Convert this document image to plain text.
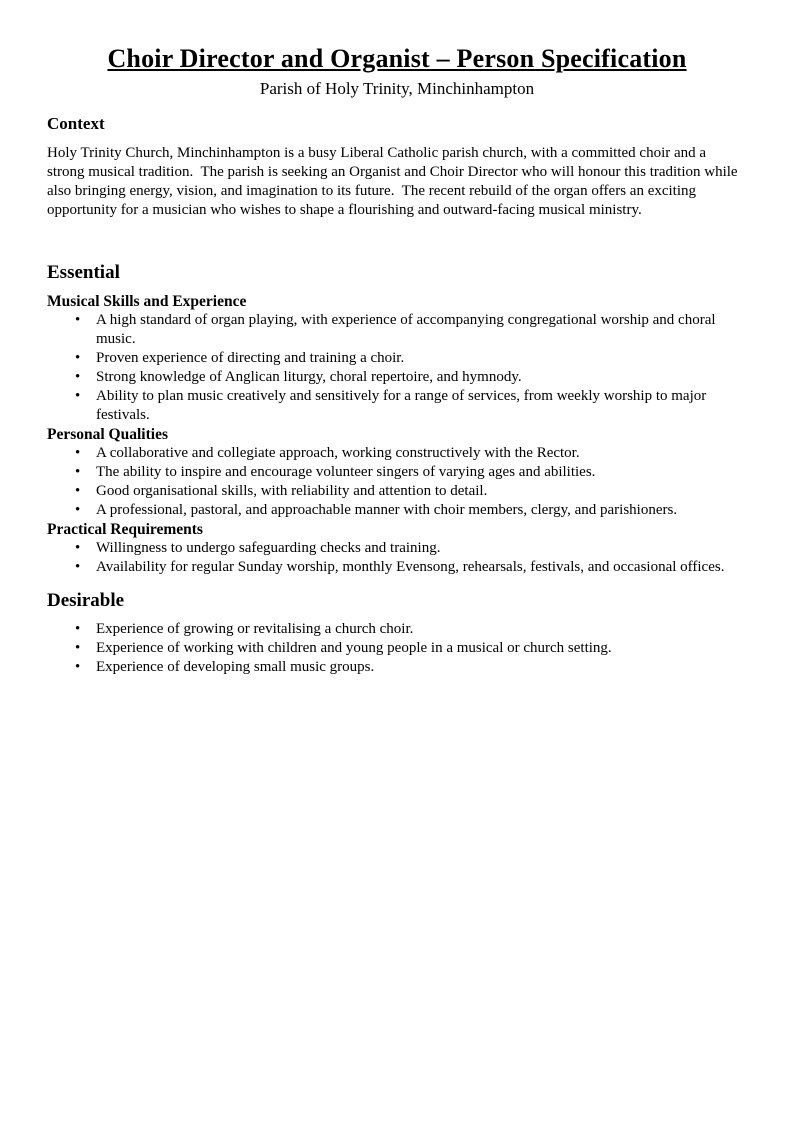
Choir Director and Organist – Person Specification
Parish of Holy Trinity, Minchinhampton
Context

Holy Trinity Church, Minchinhampton is a busy Liberal Catholic parish church, with a committed choir and a strong musical tradition.  The parish is seeking an Organist and Choir Director who will honour this tradition while also bringing energy, vision, and imagination to its future.  The recent rebuild of the organ offers an exciting opportunity for a musician who wishes to shape a flourishing and outward-facing musical ministry.

Essential
Musical Skills and Experience
• A high standard of organ playing, with experience of accompanying congregational worship and choral music.
• Proven experience of directing and training a choir.
• Strong knowledge of Anglican liturgy, choral repertoire, and hymnody.
• Ability to plan music creatively and sensitively for a range of services, from weekly worship to major festivals.
Personal Qualities
• A collaborative and collegiate approach, working constructively with the Rector.
• The ability to inspire and encourage volunteer singers of varying ages and abilities.
• Good organisational skills, with reliability and attention to detail.
• A professional, pastoral, and approachable manner with choir members, clergy, and parishioners.
Practical Requirements
• Willingness to undergo safeguarding checks and training.
• Availability for regular Sunday worship, monthly Evensong, rehearsals, festivals, and occasional offices.
Desirable
• Experience of growing or revitalising a church choir.
• Experience of working with children and young people in a musical or church setting.
• Experience of developing small music groups.
